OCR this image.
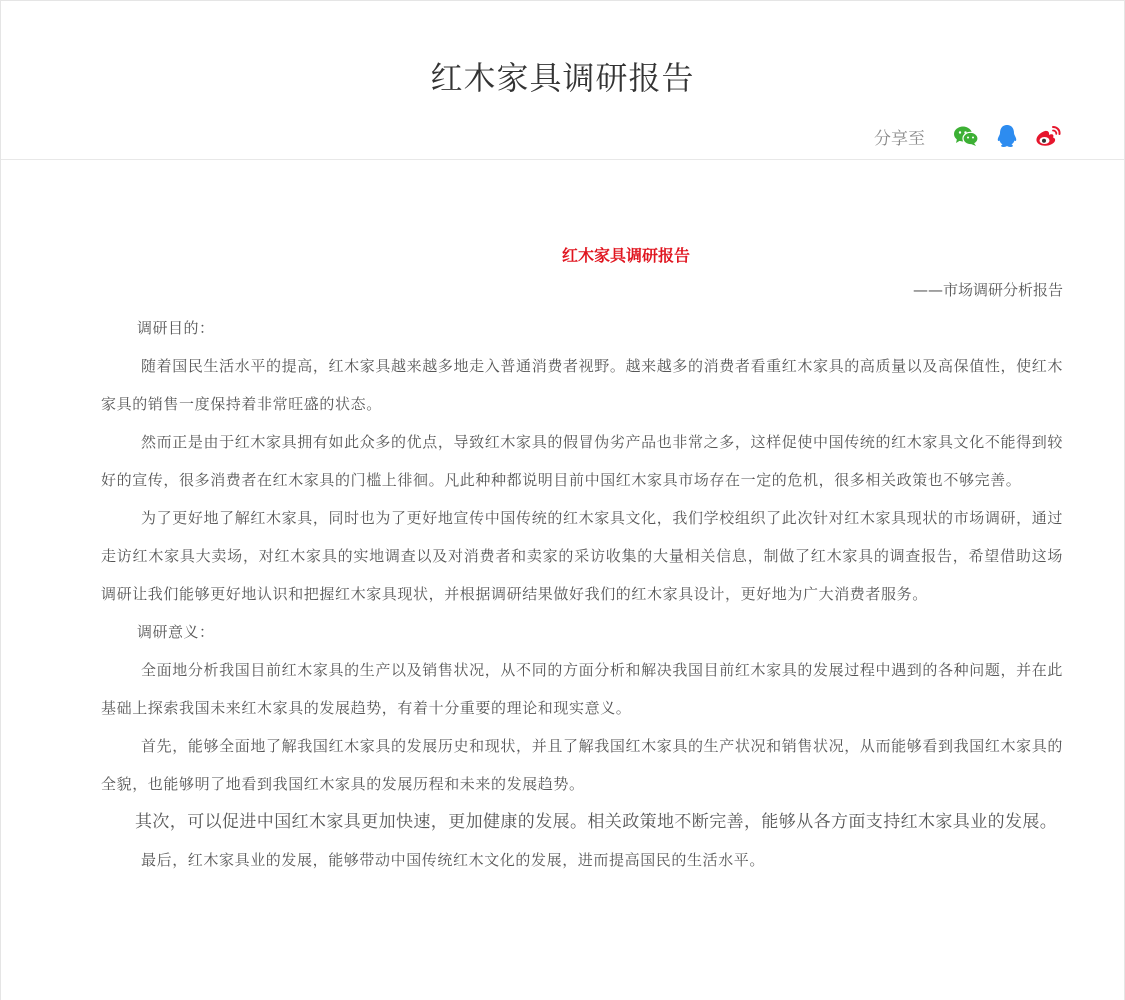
红木家具调研报告
分享至
红木家具调研报告
——市场调研分析报告
调研目的：

随着国民生活水平的提高，红木家具越来越多地走入普通消费者视野。越来越多的消费者看重红木家具的高质量以及高保值性，使红木家具的销售一度保持着非常旺盛的状态。

然而正是由于红木家具拥有如此众多的优点，导致红木家具的假冒伪劣产品也非常之多，这样促使中国传统的红木家具文化不能得到较好的宣传，很多消费者在红木家具的门槛上徘徊。凡此种种都说明目前中国红木家具市场存在一定的危机，很多相关政策也不够完善。

为了更好地了解红木家具，同时也为了更好地宣传中国传统的红木家具文化，我们学校组织了此次针对红木家具现状的市场调研，通过走访红木家具大卖场，对红木家具的实地调查以及对消费者和卖家的采访收集的大量相关信息，制做了红木家具的调查报告，希望借助这场调研让我们能够更好地认识和把握红木家具现状，并根据调研结果做好我们的红木家具设计，更好地为广大消费者服务。

调研意义：

全面地分析我国目前红木家具的生产以及销售状况，从不同的方面分析和解决我国目前红木家具的发展过程中遇到的各种问题，并在此基础上探索我国未来红木家具的发展趋势，有着十分重要的理论和现实意义。

首先，能够全面地了解我国红木家具的发展历史和现状，并且了解我国红木家具的生产状况和销售状况，从而能够看到我国红木家具的全貌，也能够明了地看到我国红木家具的发展历程和未来的发展趋势。

其次，可以促进中国红木家具更加快速，更加健康的发展。相关政策地不断完善，能够从各方面支持红木家具业的发展。

最后，红木家具业的发展，能够带动中国传统红木文化的发展，进而提高国民的生活水平。
